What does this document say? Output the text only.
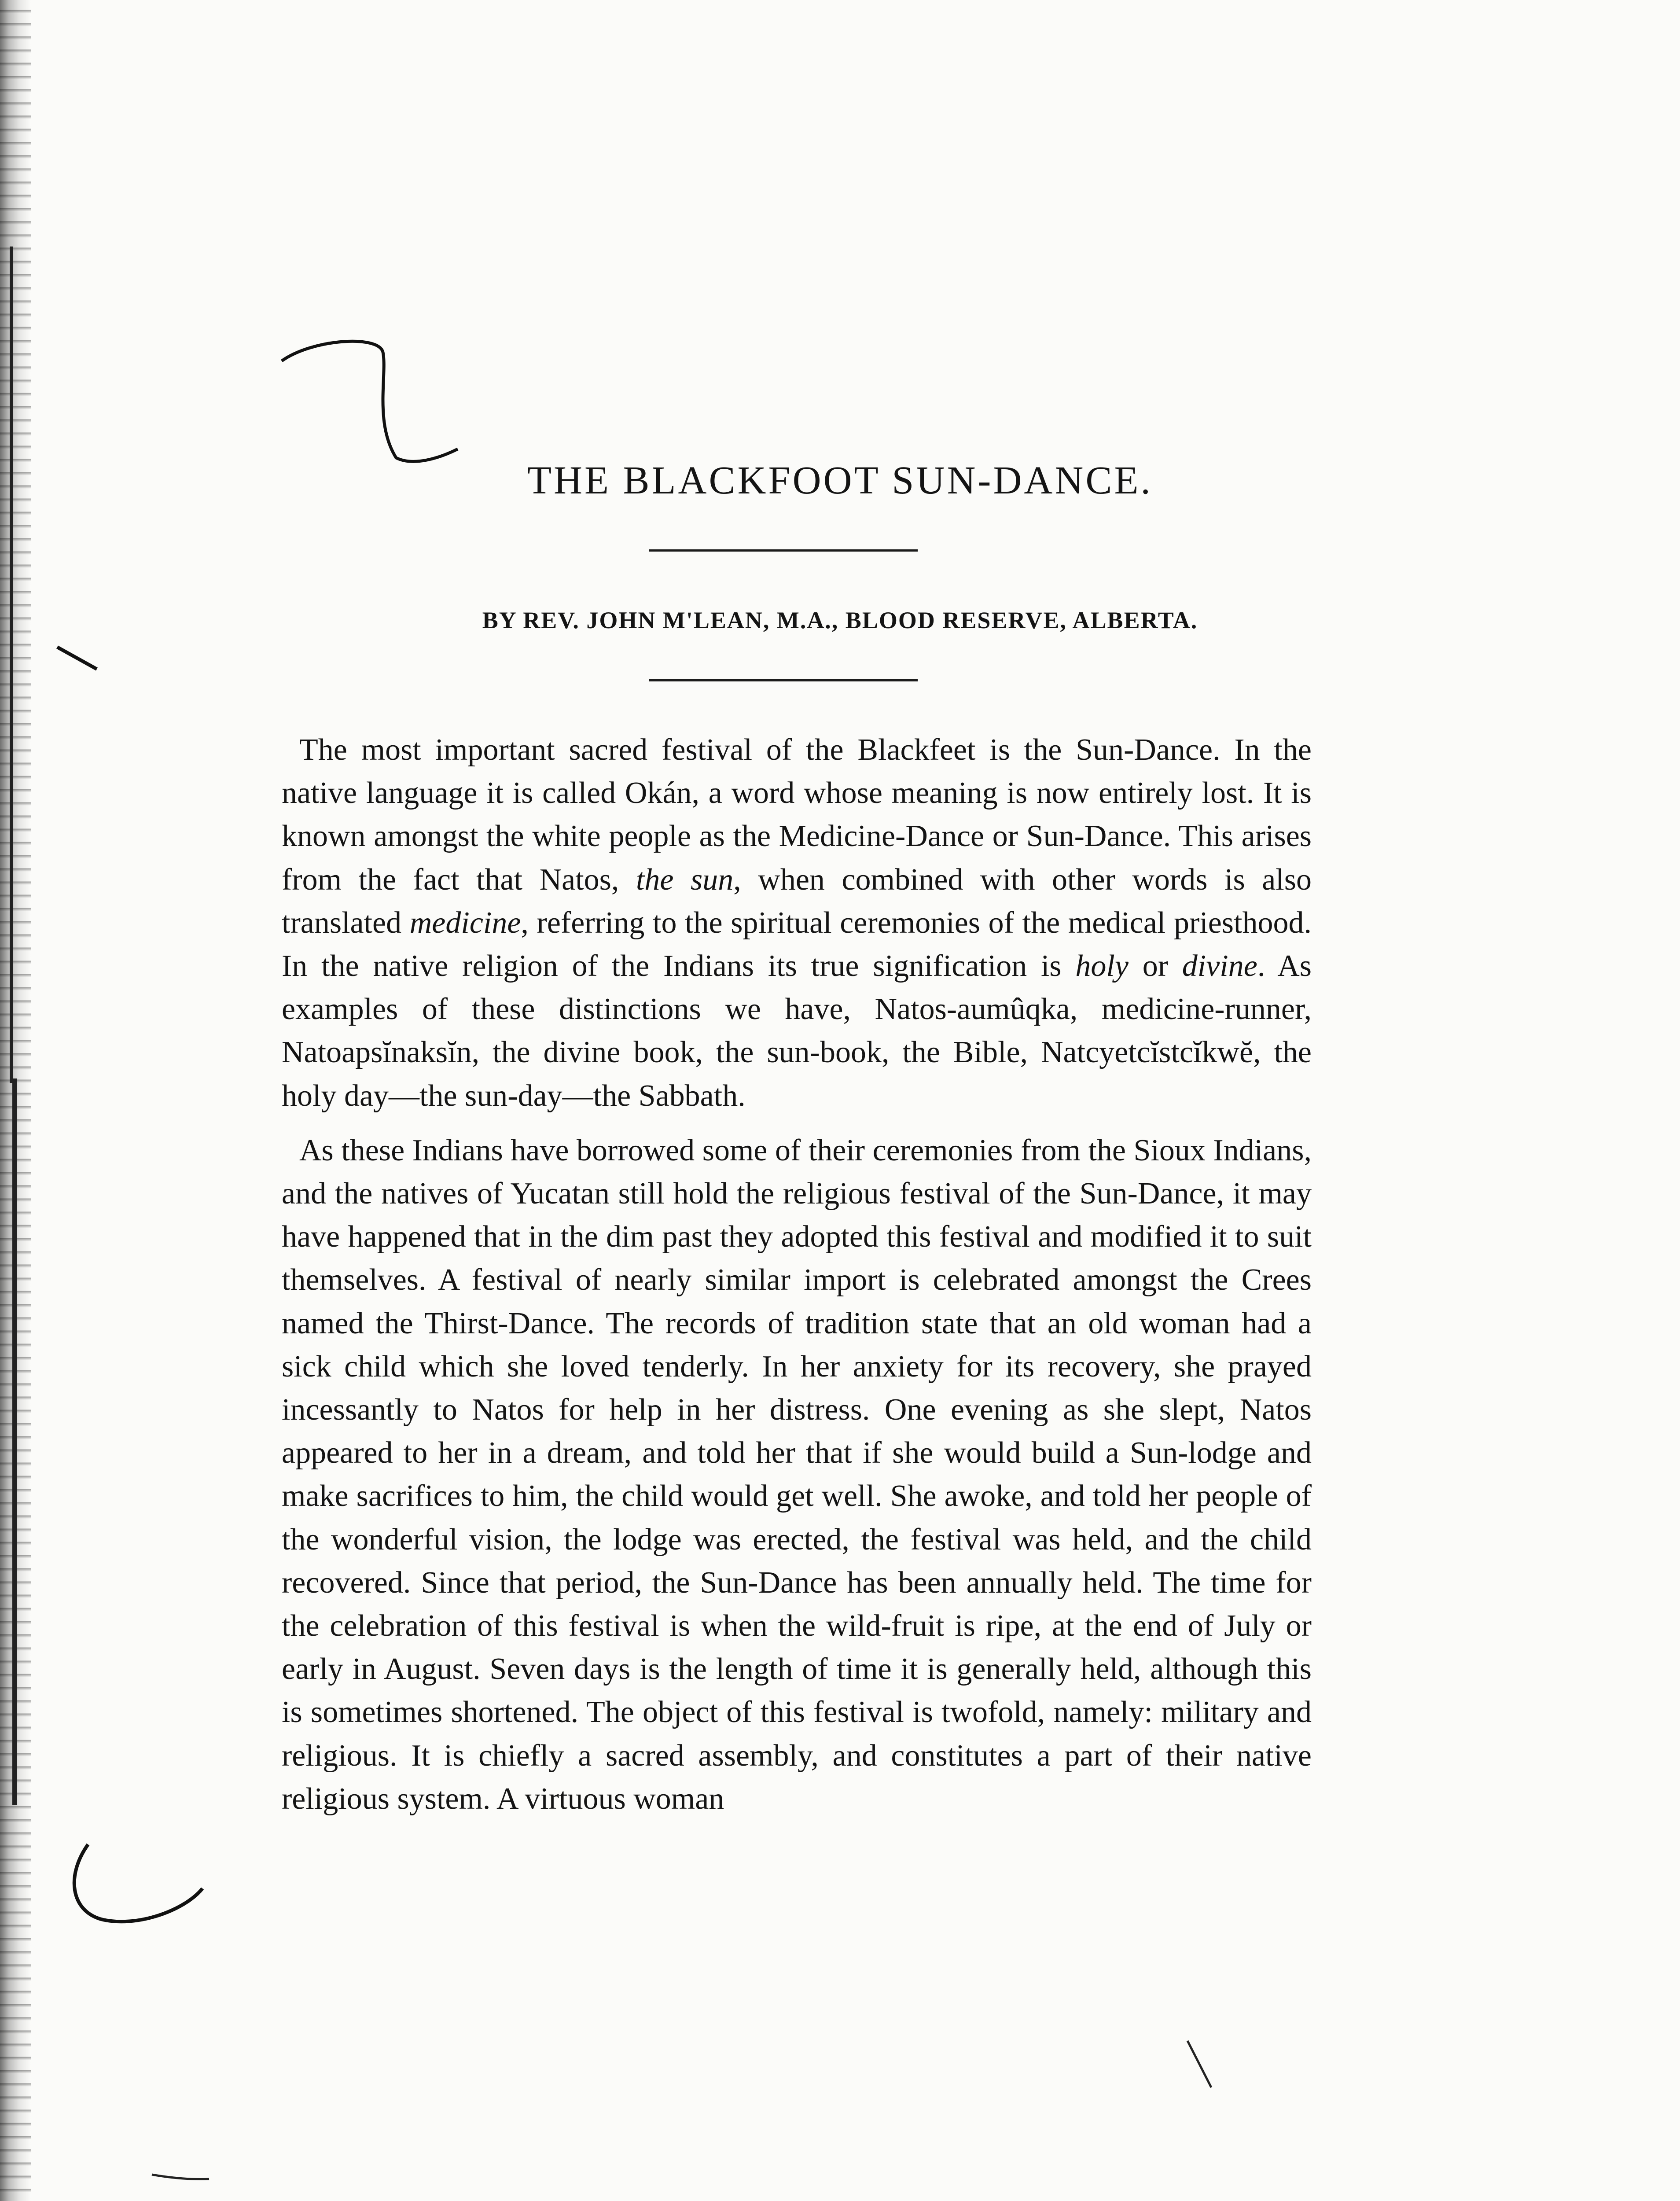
THE BLACKFOOT SUN-DANCE.
BY REV. JOHN M'LEAN, M.A., BLOOD RESERVE, ALBERTA.

The most important sacred festival of the Blackfeet is the Sun-Dance. In the native language it is called Okán, a word whose meaning is now entirely lost. It is known amongst the white people as the Medicine-Dance or Sun-Dance. This arises from the fact that Natos, the sun, when combined with other words is also translated medicine, referring to the spiritual ceremonies of the medical priesthood. In the native religion of the Indians its true signification is holy or divine. As examples of these distinctions we have, Natos-aumûqka, medicine-runner, Natoapsĭnaksĭn, the divine book, the sun-book, the Bible, Natcyetcĭstcĭkwĕ, the holy day—the sun-day—the Sabbath.

As these Indians have borrowed some of their ceremonies from the Sioux Indians, and the natives of Yucatan still hold the religious festival of the Sun-Dance, it may have happened that in the dim past they adopted this festival and modified it to suit themselves. A festival of nearly similar import is celebrated amongst the Crees named the Thirst-Dance. The records of tradition state that an old woman had a sick child which she loved tenderly. In her anxiety for its recovery, she prayed incessantly to Natos for help in her distress. One evening as she slept, Natos appeared to her in a dream, and told her that if she would build a Sun-lodge and make sacrifices to him, the child would get well. She awoke, and told her people of the wonderful vision, the lodge was erected, the festival was held, and the child recovered. Since that period, the Sun-Dance has been annually held. The time for the celebration of this festival is when the wild-fruit is ripe, at the end of July or early in August. Seven days is the length of time it is generally held, although this is sometimes shortened. The object of this festival is twofold, namely: military and religious. It is chiefly a sacred assembly, and constitutes a part of their native religious system. A virtuous woman
